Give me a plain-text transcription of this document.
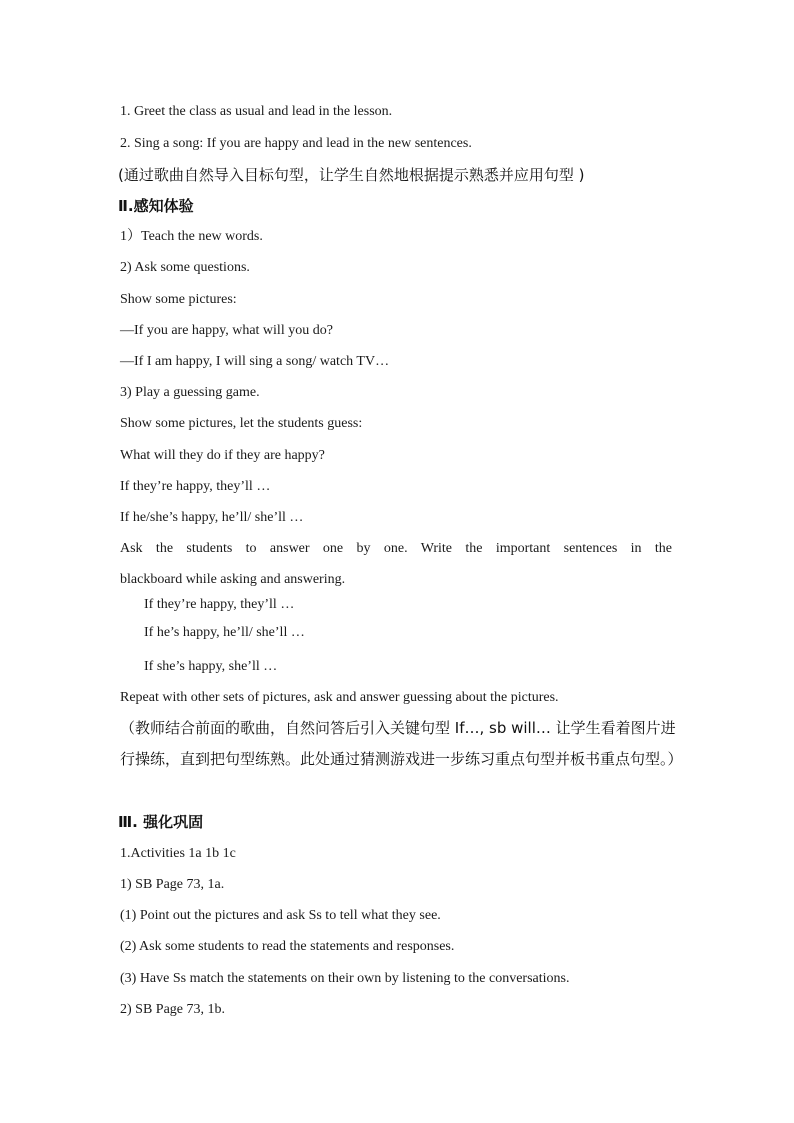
1. Greet the class as usual and lead in the lesson.
2. Sing a song: If you are happy and lead in the new sentences.
(通过歌曲自然导入目标句型，让学生自然地根据提示熟悉并应用句型 )
Ⅱ.感知体验
1）Teach the new words.
2) Ask some questions.
Show some pictures:
—If you are happy, what will you do?
—If I am happy, I will sing a song/ watch TV…
3) Play a guessing game.
Show some pictures, let the students guess:
What will they do if they are happy?
If they’re happy, they’ll …
If he/she’s happy, he’ll/ she’ll …
Ask the students to answer one by one. Write the important sentences in the
blackboard while asking and answering.
If they’re happy, they’ll …
If he’s happy, he’ll/ she’ll …
If she’s happy, she’ll …
Repeat with other sets of pictures, ask and answer guessing about the pictures.
（教师结合前面的歌曲，自然问答后引入关键句型 If…, sb will… 让学生看着图片进行操练，直到把句型练熟。此处通过猜测游戏进一步练习重点句型并板书重点句型。）
Ⅲ. 强化巩固
1.Activities 1a 1b 1c
1) SB Page 73, 1a.
(1) Point out the pictures and ask Ss to tell what they see.
(2) Ask some students to read the statements and responses.
(3) Have Ss match the statements on their own by listening to the conversations.
2) SB Page 73, 1b.
